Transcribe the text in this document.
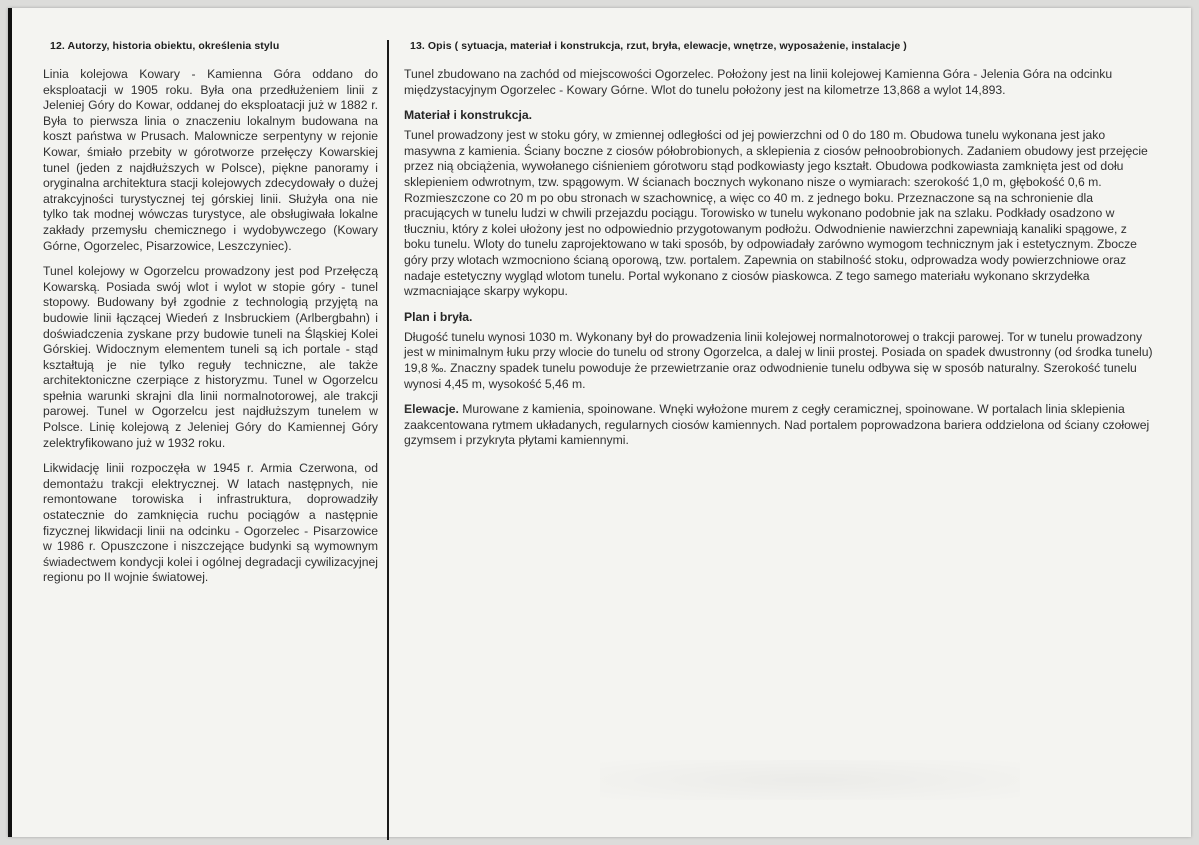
12. Autorzy, historia obiektu, określenia stylu

Linia kolejowa Kowary - Kamienna Góra oddano do eksploatacji w 1905 roku. Była ona przedłużeniem linii z Jeleniej Góry do Kowar, oddanej do eksploatacji już w 1882 r. Była to pierwsza linia o znaczeniu lokalnym budowana na koszt państwa w Prusach. Malownicze serpentyny w rejonie Kowar, śmiało przebity w górotworze przełęczy Kowarskiej tunel (jeden z najdłuższych w Polsce), piękne panoramy i oryginalna architektura stacji kolejowych zdecydowały o dużej atrakcyjności turystycznej tej górskiej linii. Służyła ona nie tylko tak modnej wówczas turystyce, ale obsługiwała lokalne zakłady przemysłu chemicznego i wydobywczego (Kowary Górne, Ogorzelec, Pisarzowice, Leszczyniec).

Tunel kolejowy w Ogorzelcu prowadzony jest pod Przełęczą Kowarską. Posiada swój wlot i wylot w stopie góry - tunel stopowy. Budowany był zgodnie z technologią przyjętą na budowie linii łączącej Wiedeń z Insbruckiem (Arlbergbahn) i doświadczenia zyskane przy budowie tuneli na Śląskiej Kolei Górskiej. Widocznym elementem tuneli są ich portale - stąd kształtują je nie tylko reguły techniczne, ale także architektoniczne czerpiące z historyzmu. Tunel w Ogorzelcu spełnia warunki skrajni dla linii normalnotorowej, ale trakcji parowej. Tunel w Ogorzelcu jest najdłuższym tunelem w Polsce. Linię kolejową z Jeleniej Góry do Kamiennej Góry zelektryfikowano już w 1932 roku.

Likwidację linii rozpoczęła w 1945 r. Armia Czerwona, od demontażu trakcji elektrycznej. W latach następnych, nie remontowane torowiska i infrastruktura, doprowadziły ostatecznie do zamknięcia ruchu pociągów a następnie fizycznej likwidacji linii na odcinku - Ogorzelec - Pisarzowice w 1986 r. Opuszczone i niszczejące budynki są wymownym świadectwem kondycji kolei i ogólnej degradacji cywilizacyjnej regionu po II wojnie światowej.

13. Opis ( sytuacja, materiał i konstrukcja, rzut, bryła, elewacje, wnętrze, wyposażenie, instalacje )

Tunel zbudowano na zachód od miejscowości Ogorzelec. Położony jest na linii kolejowej Kamienna Góra - Jelenia Góra na odcinku międzystacyjnym Ogorzelec - Kowary Górne. Wlot do tunelu położony jest na kilometrze 13,868 a wylot 14,893.

Materiał i konstrukcja.

Tunel prowadzony jest w stoku góry, w zmiennej odległości od jej powierzchni od 0 do 180 m. Obudowa tunelu wykonana jest jako masywna z kamienia. Ściany boczne z ciosów półobrobionych, a sklepienia z ciosów pełnoobrobionych. Zadaniem obudowy jest przejęcie przez nią obciążenia, wywołanego ciśnieniem górotworu stąd podkowiasty jego kształt. Obudowa podkowiasta zamknięta jest od dołu sklepieniem odwrotnym, tzw. spągowym. W ścianach bocznych wykonano nisze o wymiarach: szerokość 1,0 m, głębokość 0,6 m. Rozmieszczone co 20 m po obu stronach w szachownicę, a więc co 40 m. z jednego boku. Przeznaczone są na schronienie dla pracujących w tunelu ludzi w chwili przejazdu pociągu. Torowisko w tunelu wykonano podobnie jak na szlaku. Podkłady osadzono w tłuczniu, który z kolei ułożony jest no odpowiednio przygotowanym podłożu. Odwodnienie nawierzchni zapewniają kanaliki spągowe, z boku tunelu. Wloty do tunelu zaprojektowano w taki sposób, by odpowiadały zarówno wymogom technicznym jak i estetycznym. Zbocze góry przy wlotach wzmocniono ścianą oporową, tzw. portalem. Zapewnia on stabilność stoku, odprowadza wody powierzchniowe oraz nadaje estetyczny wygląd wlotom tunelu. Portal wykonano z ciosów piaskowca. Z tego samego materiału wykonano skrzydełka wzmacniające skarpy wykopu.

Plan i bryła.

Długość tunelu wynosi 1030 m. Wykonany był do prowadzenia linii kolejowej normalnotorowej o trakcji parowej. Tor w tunelu prowadzony jest w minimalnym łuku przy wlocie do tunelu od strony Ogorzelca, a dalej w linii prostej. Posiada on spadek dwustronny (od środka tunelu) 19,8 ‰. Znaczny spadek tunelu powoduje że przewietrzanie oraz odwodnienie tunelu odbywa się w sposób naturalny. Szerokość tunelu wynosi 4,45 m, wysokość 5,46 m.

Elewacje. Murowane z kamienia, spoinowane. Wnęki wyłożone murem z cegły ceramicznej, spoinowane. W portalach linia sklepienia zaakcentowana rytmem układanych, regularnych ciosów kamiennych. Nad portalem poprowadzona bariera oddzielona od ściany czołowej gzymsem i przykryta płytami kamiennymi.
